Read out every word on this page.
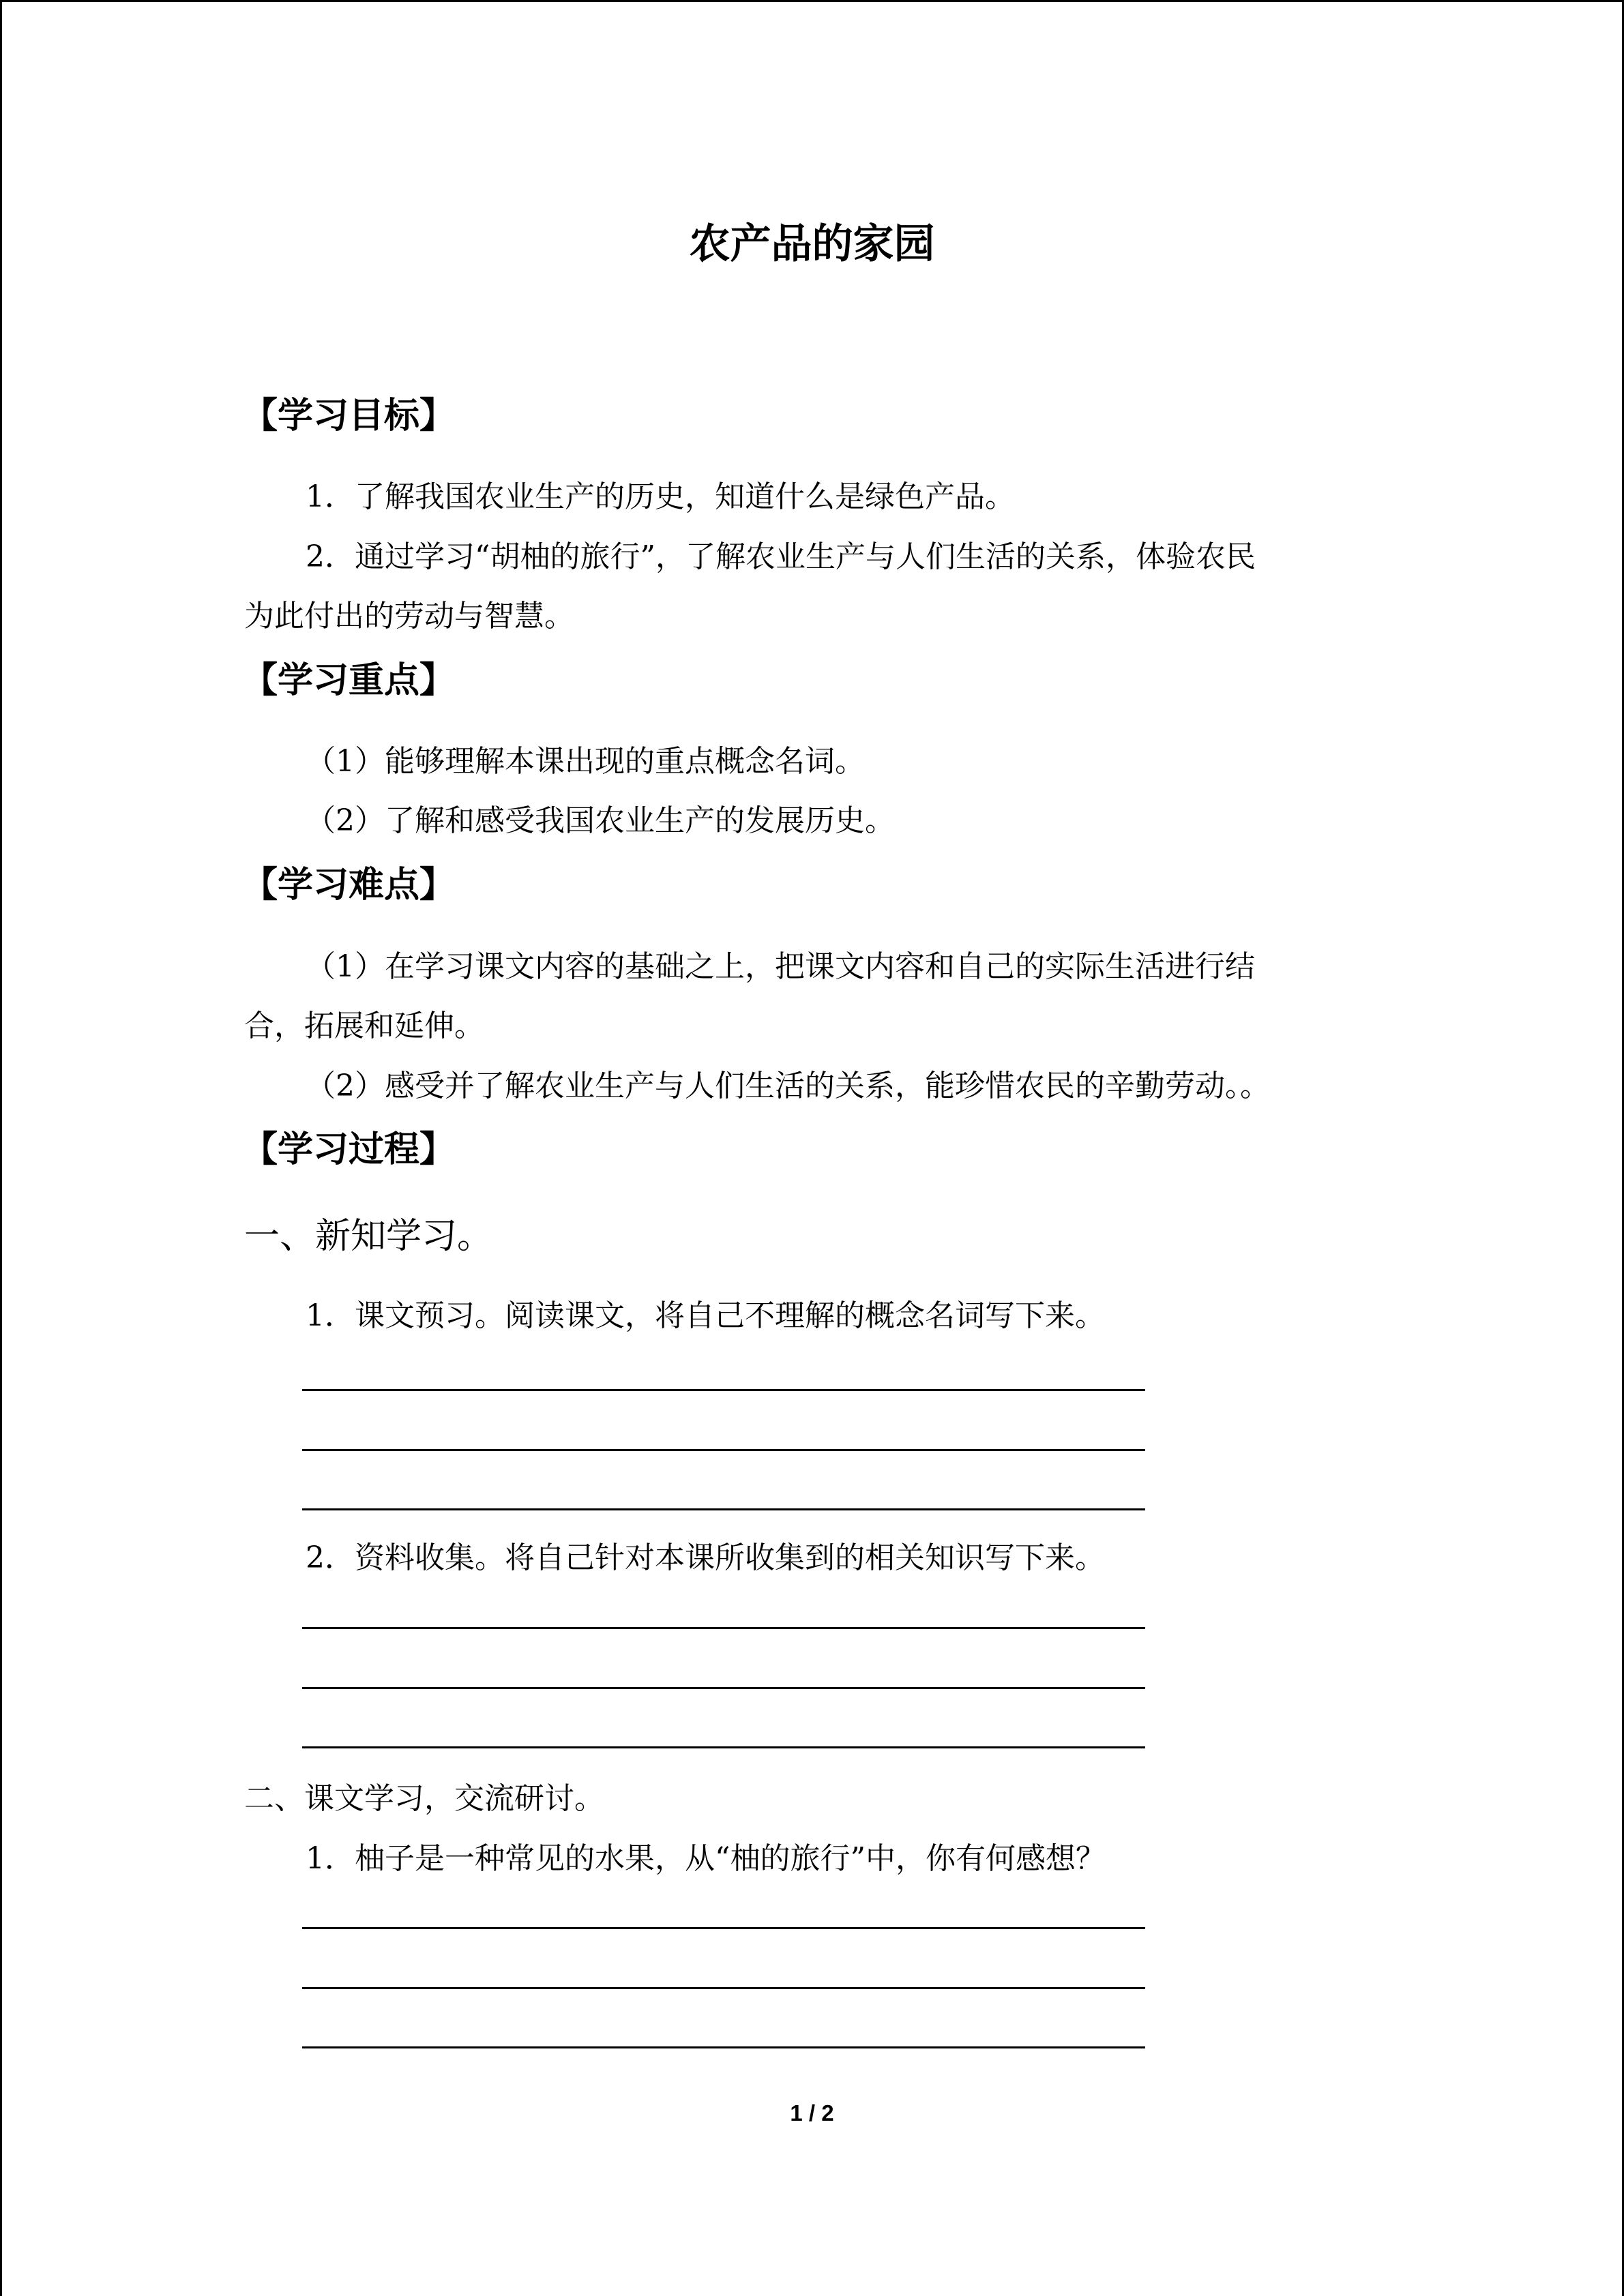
农产品的家园
【学习目标】
1．了解我国农业生产的历史，知道什么是绿色产品。
2．通过学习“胡柚的旅行”，了解农业生产与人们生活的关系，体验农民
为此付出的劳动与智慧。
【学习重点】
（1）能够理解本课出现的重点概念名词。
（2）了解和感受我国农业生产的发展历史。
【学习难点】
（1）在学习课文内容的基础之上，把课文内容和自己的实际生活进行结
合，拓展和延伸。
（2）感受并了解农业生产与人们生活的关系，能珍惜农民的辛勤劳动。。
【学习过程】
一、新知学习。
1．课文预习。阅读课文，将自己不理解的概念名词写下来。
2．资料收集。将自己针对本课所收集到的相关知识写下来。
二、课文学习，交流研讨。
1．柚子是一种常见的水果，从“柚的旅行”中，你有何感想？
1 / 2
